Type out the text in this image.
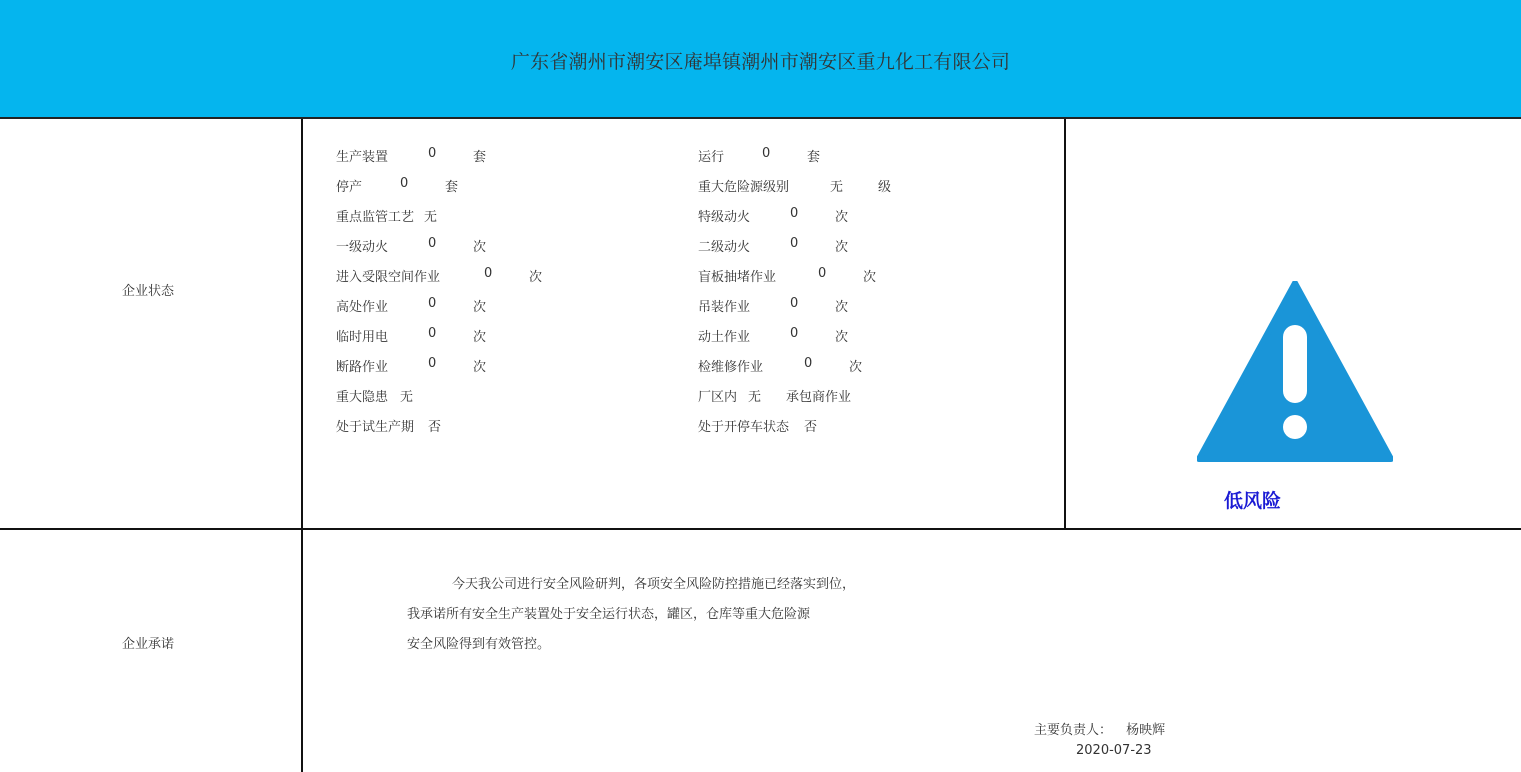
广东省潮州市潮安区庵埠镇潮州市潮安区重九化工有限公司
企业状态
企业承诺
生产装置	0	套
停产	0	套
重点监管工艺 无
一级动火	0	次
进入受限空间作业	0	次
高处作业	0	次
临时用电	0	次
断路作业	0	次
重大隐患 无
处于试生产期 否
运行	0	套
重大危险源级别	无	级
特级动火	0	次
二级动火	0	次
盲板抽堵作业	0	次
吊装作业	0	次
动土作业	0	次
检维修作业	0	次
厂区内 无 承包商作业
处于开停车状态 否
低风险
今天我公司进行安全风险研判，各项安全风险防控措施已经落实到位，
我承诺所有安全生产装置处于安全运行状态，罐区，仓库等重大危险源
安全风险得到有效管控。
主要负责人： 杨映辉
2020-07-23
